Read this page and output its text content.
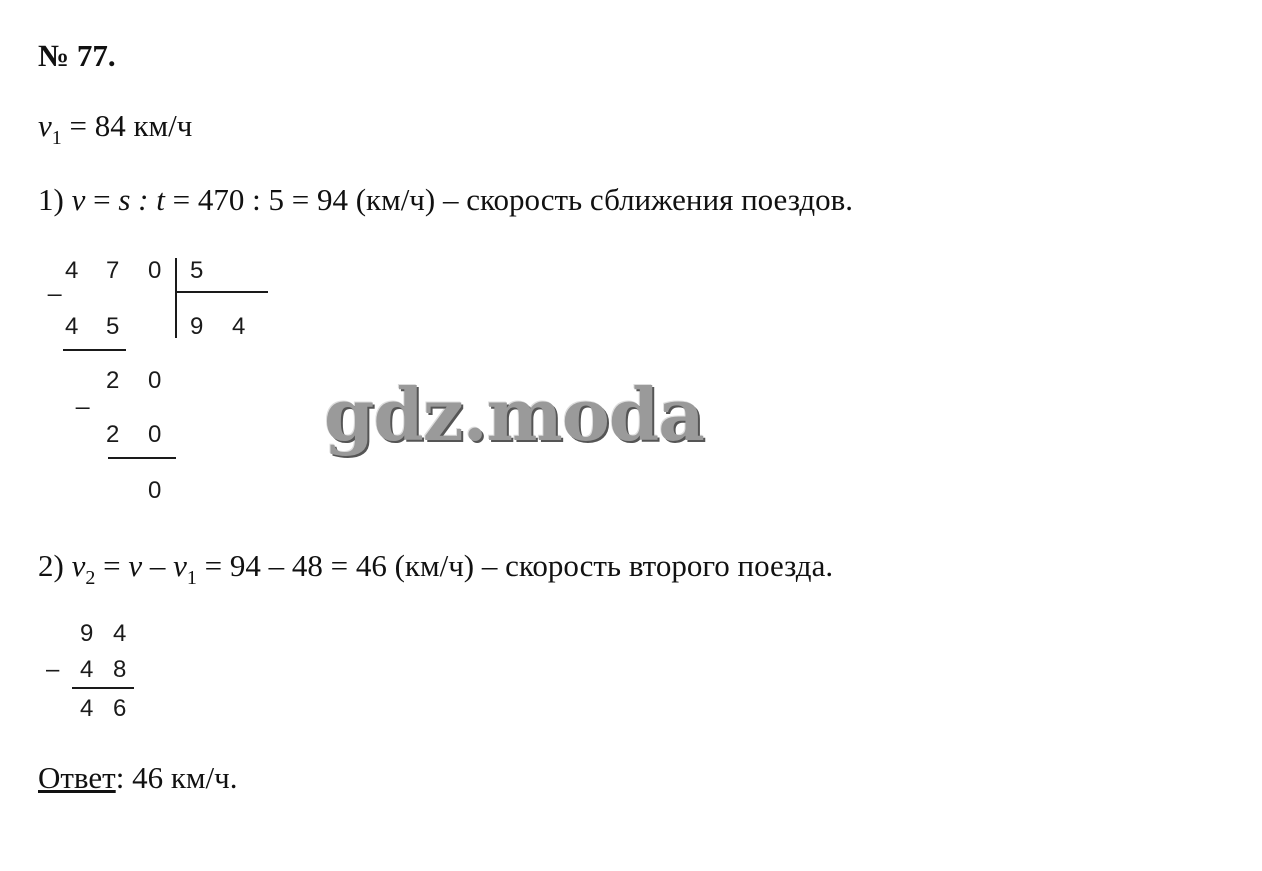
№ 77.
$v_1 = 84$ км/ч
1) v = s : t = 470 : 5 = 94 (км/ч) – скорость сближения поездов.
_ 4 7 0 5
4 5	9 4
2 0
_
2 0
0
gdz.moda
2) $v_2 = v - v_1 = 94 - 48 = 46$ (км/ч) – скорость второго поезда.
9 4
– 4 8
4 6
Ответ: 46 км/ч.
